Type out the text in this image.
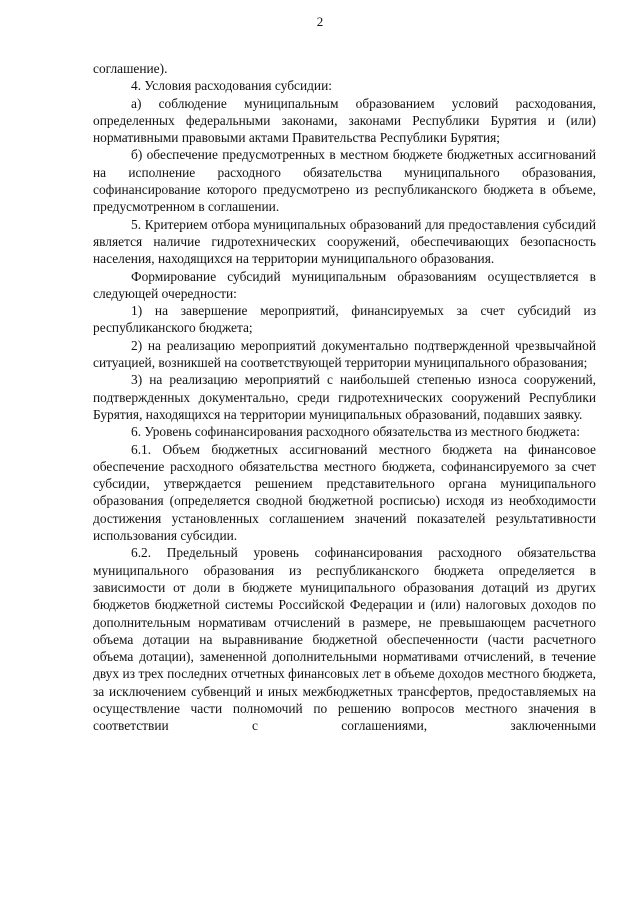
2

соглашение).

4. Условия расходования субсидии:

а) соблюдение муниципальным образованием условий расходования, определенных федеральными законами, законами Республики Бурятия и (или) нормативными правовыми актами Правительства Республики Бурятия;

б) обеспечение предусмотренных в местном бюджете бюджетных ассигнований на исполнение расходного обязательства муниципального образования, софинансирование которого предусмотрено из республиканского бюджета в объеме, предусмотренном в соглашении.

5. Критерием отбора муниципальных образований для предоставления субсидий является наличие гидротехнических сооружений, обеспечивающих безопасность населения, находящихся на территории муниципального образования.

Формирование субсидий муниципальным образованиям осуществляется в следующей очередности:

1) на завершение мероприятий, финансируемых за счет субсидий из республиканского бюджета;

2) на реализацию мероприятий документально подтвержденной чрезвычайной ситуацией, возникшей на соответствующей территории муниципального образования;

3) на реализацию мероприятий с наибольшей степенью износа сооружений, подтвержденных документально, среди гидротехнических сооружений Республики Бурятия, находящихся на территории муниципальных образований, подавших заявку.

6. Уровень софинансирования расходного обязательства из местного бюджета:

6.1. Объем бюджетных ассигнований местного бюджета на финансовое обеспечение расходного обязательства местного бюджета, софинансируемого за счет субсидии, утверждается решением представительного органа муниципального образования (определяется сводной бюджетной росписью) исходя из необходимости достижения установленных соглашением значений показателей результативности использования субсидии.

6.2. Предельный уровень софинансирования расходного обязательства муниципального образования из республиканского бюджета определяется в зависимости от доли в бюджете муниципального образования дотаций из других бюджетов бюджетной системы Российской Федерации и (или) налоговых доходов по дополнительным нормативам отчислений в размере, не превышающем расчетного объема дотации на выравнивание бюджетной обеспеченности (части расчетного объема дотации), замененной дополнительными нормативами отчислений, в течение двух из трех последних отчетных финансовых лет в объеме доходов местного бюджета, за исключением субвенций и иных межбюджетных трансфертов, предоставляемых на осуществление части полномочий по решению вопросов местного значения в соответствии с соглашениями, заключенными
